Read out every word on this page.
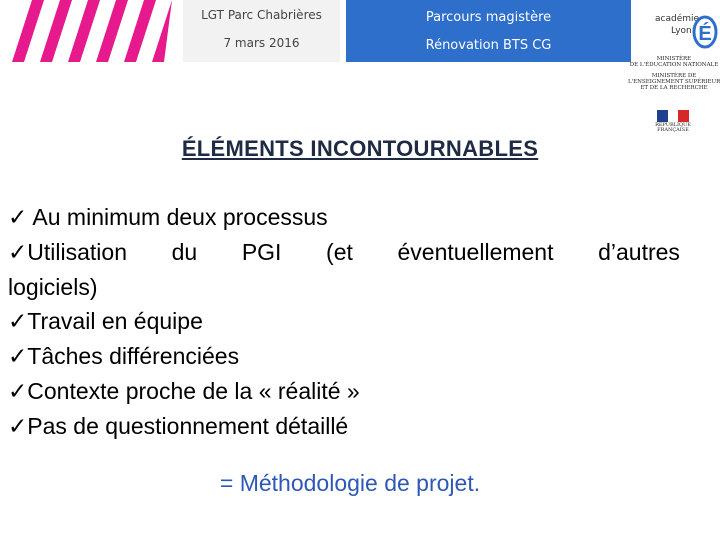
LGT Parc Chabrières
7 mars 2016
Parcours magistère
Rénovation BTS CG
académie
Lyon É
MINISTÈRE
DE L'ÉDUCATION NATIONALE
MINISTÈRE DE
L'ENSEIGNEMENT SUPÉRIEUR
ET DE LA RECHERCHE
RÉPUBLIQUE FRANÇAISE
ÉLÉMENTS INCONTOURNABLES
✓ Au minimum deux processus
✓Utilisation du PGI (et éventuellement d’autres
logiciels)
✓Travail en équipe
✓Tâches différenciées
✓Contexte proche de la « réalité »
✓Pas de questionnement détaillé
= Méthodologie de projet.
